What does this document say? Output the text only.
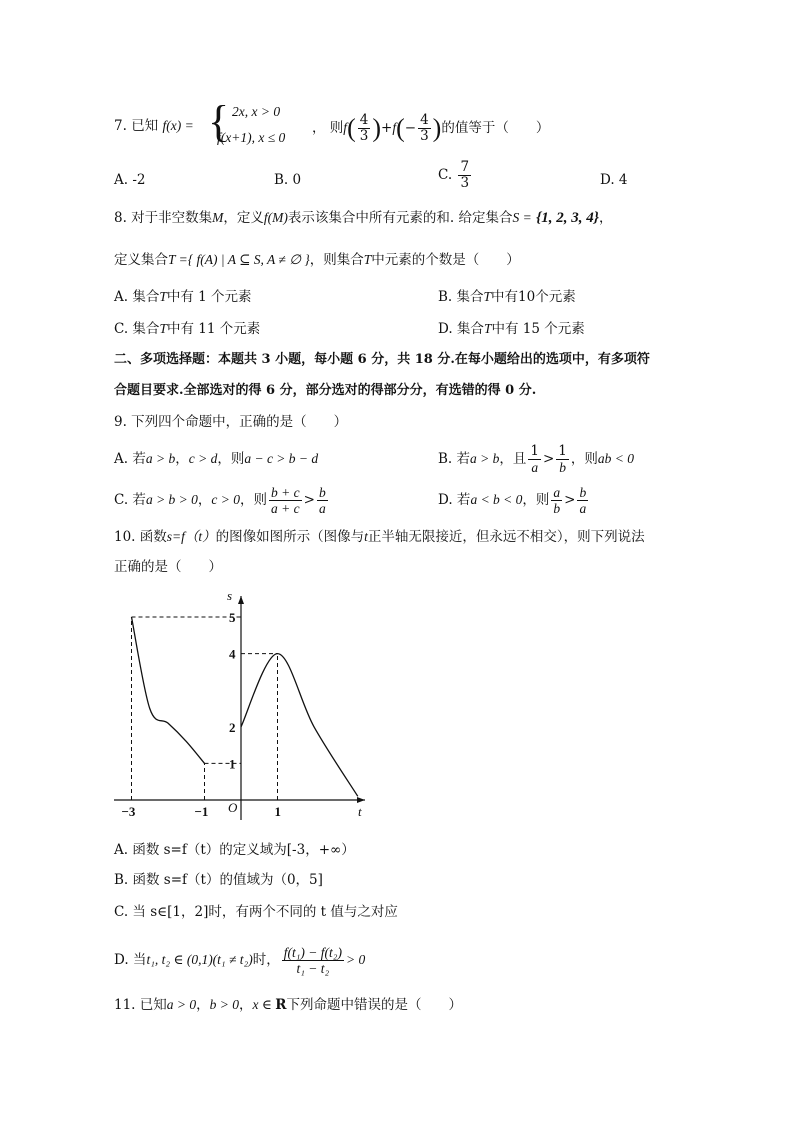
7. 已知 f(x) = { 2x, x > 0
f(x+1), x ≤ 0
， 则$f( \frac{4}{3} )+f(- \frac{4}{3}$ )的值等于（　　）
A. -2	B. 0	C. $\frac{7}{3}$	D. 4
8. 对于非空数集M，定义f(M)表示该集合中所有元素的和. 给定集合S = {1, 2, 3, 4}，
定义集合T ={ f(A) | A ⊆ S, A ≠ ∅ }，则集合T中元素的个数是（　　）
A. 集合T中有 1 个元素	B. 集合T中有10个元素
C. 集合T中有 11 个元素	D. 集合T中有 15 个元素
二、多项选择题：本题共 3 小题，每小题 6 分，共 18 分.在每小题给出的选项中，有多项符
合题目要求.全部选对的得 6 分，部分选对的得部分分，有选错的得 0 分.
9. 下列四个命题中，正确的是（　　）
A. 若a > b，c > d，则a − c > b − d	B. 若a > b，且 $\frac{1}{a} > \frac{1}{b}$ ，则ab < 0
C. 若a > b > 0，c > 0，则 $\frac{b + c}{a + c} > \frac{b}{a}$	D. 若a < b < 0，则 $\frac{a}{b} > \frac{b}{a}$
10. 函数s=f（t）的图像如图所示（图像与t正半轴无限接近，但永远不相交），则下列说法
正确的是（　　）
s
t
O
−3	−1	1
5
4
2
1
A. 函数 s=f（t）的定义域为[-3，+∞）
B. 函数 s=f（t）的值域为（0，5]
C. 当 s∈[1，2]时，有两个不同的 t 值与之对应
D. 当t₁, t₂ ∈ (0,1)(t₁ ≠ t₂)时， $\frac{\text{f(t₁) − f(t₂)}}{\text{t₁ − t₂}} > 0$
11. 已知a > 0，b > 0，x ∈ R下列命题中错误的是（　　）
